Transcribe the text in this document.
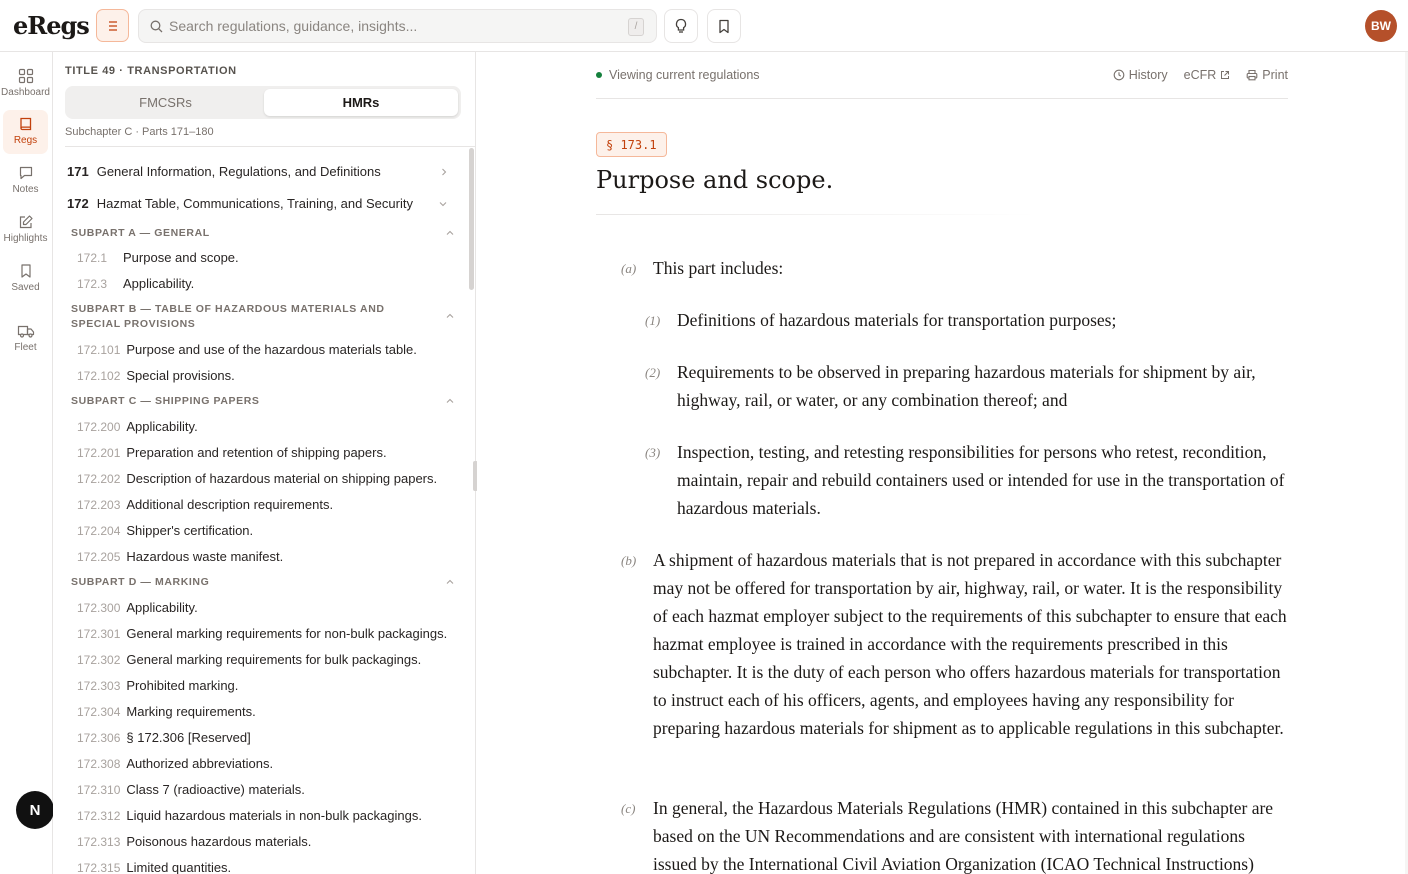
eRegs
Search regulations, guidance, insights...	/	BW
Dashboard
Regs
Notes
Highlights
Saved
Fleet
N
TITLE 49 · TRANSPORTATION
FMCSRs	HMRs
Subchapter C · Parts 171–180
171 General Information, Regulations, and Definitions
172 Hazmat Table, Communications, Training, and Security
SUBPART A — GENERAL
172.1 Purpose and scope.
172.3 Applicability.
SUBPART B — TABLE OF HAZARDOUS MATERIALS AND SPECIAL PROVISIONS
172.101 Purpose and use of the hazardous materials table.
172.102 Special provisions.
SUBPART C — SHIPPING PAPERS
172.200 Applicability.
172.201 Preparation and retention of shipping papers.
172.202 Description of hazardous material on shipping papers.
172.203 Additional description requirements.
172.204 Shipper's certification.
172.205 Hazardous waste manifest.
SUBPART D — MARKING
172.300 Applicability.
172.301 General marking requirements for non-bulk packagings.
172.302 General marking requirements for bulk packagings.
172.303 Prohibited marking.
172.304 Marking requirements.
172.306 § 172.306 [Reserved]
172.308 Authorized abbreviations.
172.310 Class 7 (radioactive) materials.
172.312 Liquid hazardous materials in non-bulk packagings.
172.313 Poisonous hazardous materials.
172.315 Limited quantities.
Viewing current regulations	History eCFR	Print
§ 173.1
Purpose and scope.
(a) This part includes:
(1) Definitions of hazardous materials for transportation purposes;
(2) Requirements to be observed in preparing hazardous materials for shipment by air, highway, rail, or water, or any combination thereof; and
(3) Inspection, testing, and retesting responsibilities for persons who retest, recondition, maintain, repair and rebuild containers used or intended for use in the transportation of hazardous materials.
(b) A shipment of hazardous materials that is not prepared in accordance with this subchapter may not be offered for transportation by air, highway, rail, or water. It is the responsibility of each hazmat employer subject to the requirements of this subchapter to ensure that each hazmat employee is trained in accordance with the requirements prescribed in this subchapter. It is the duty of each person who offers hazardous materials for transportation to instruct each of his officers, agents, and employees having any responsibility for preparing hazardous materials for shipment as to applicable regulations in this subchapter.
(c) In general, the Hazardous Materials Regulations (HMR) contained in this subchapter are based on the UN Recommendations and are consistent with international regulations issued by the International Civil Aviation Organization (ICAO Technical Instructions)
